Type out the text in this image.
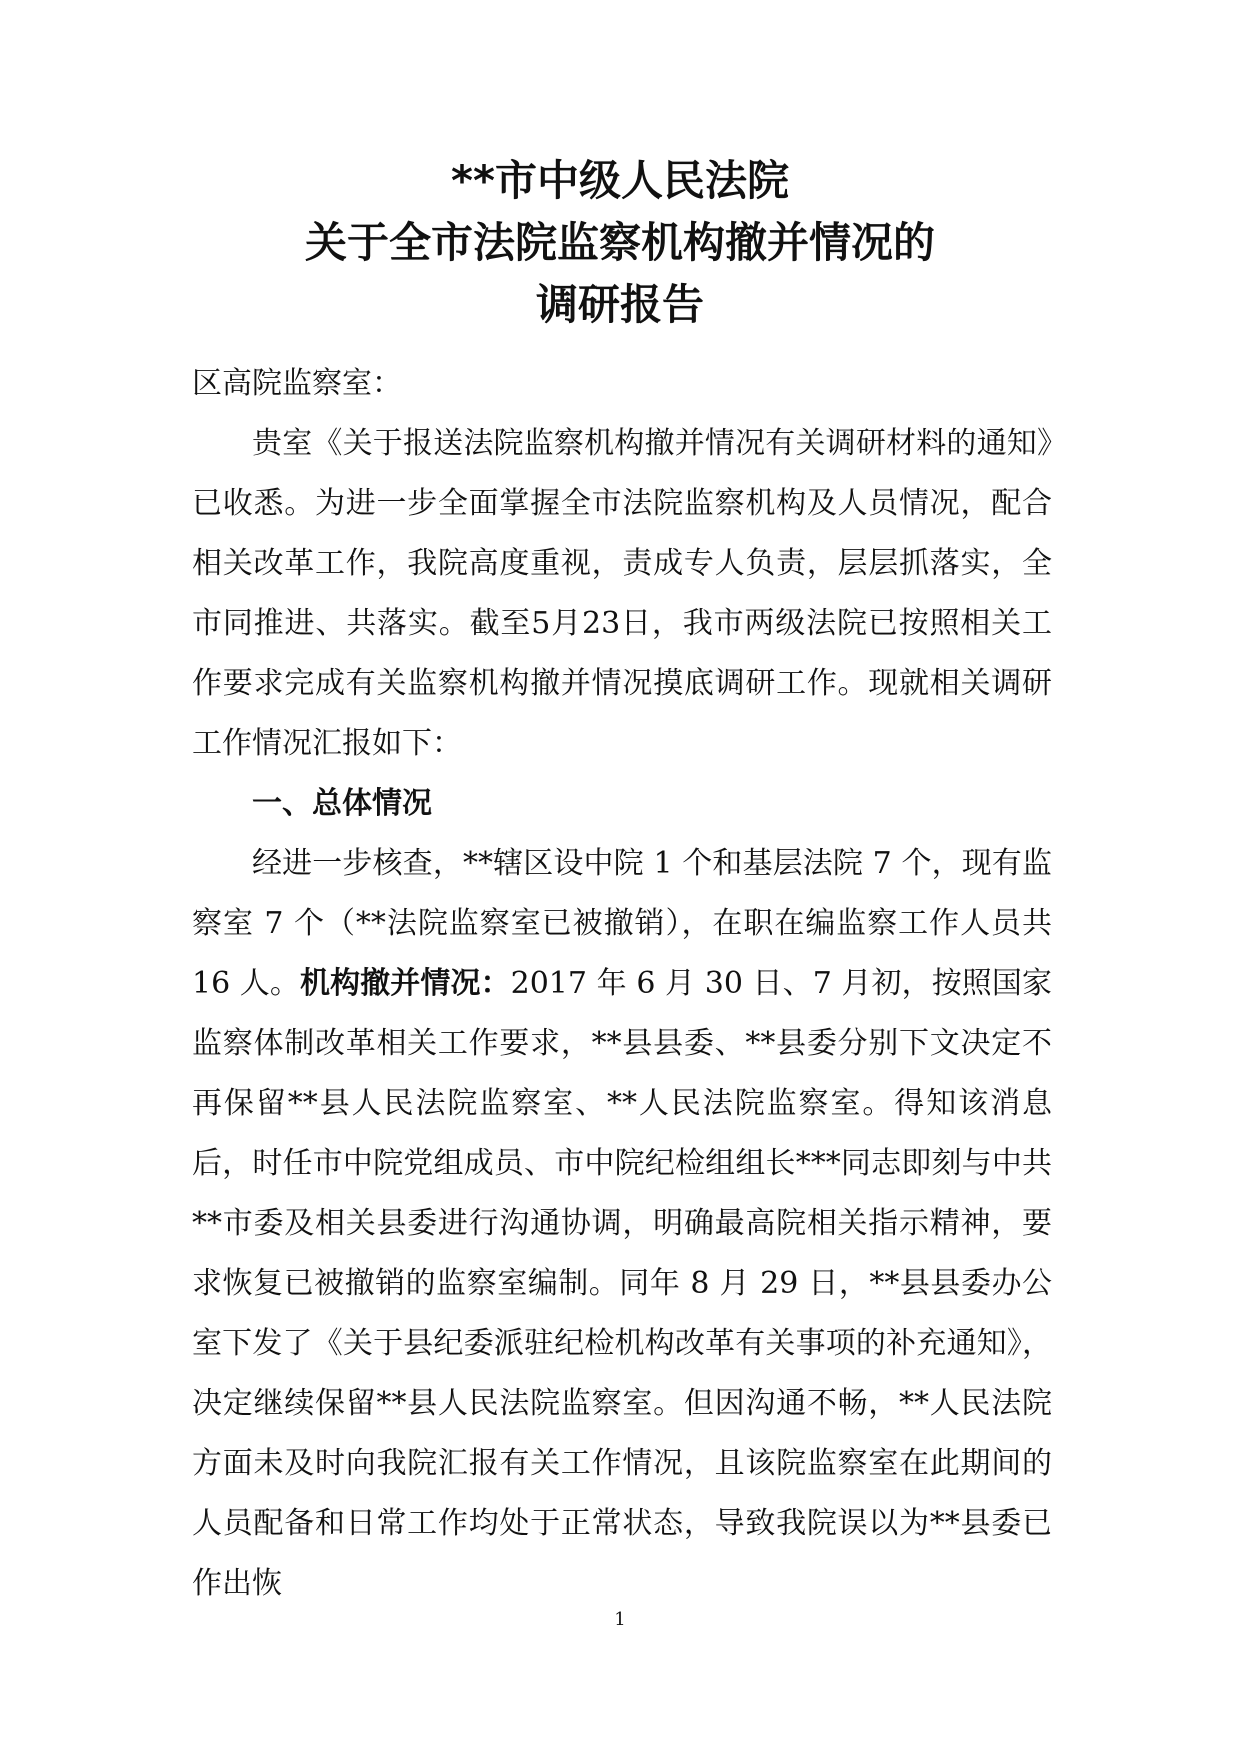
**市中级人民法院
关于全市法院监察机构撤并情况的
调研报告

区高院监察室：

贵室《关于报送法院监察机构撤并情况有关调研材料的通知》已收悉。为进一步全面掌握全市法院监察机构及人员情况，配合相关改革工作，我院高度重视，责成专人负责，层层抓落实，全市同推进、共落实。截至5月23日，我市两级法院已按照相关工作要求完成有关监察机构撤并情况摸底调研工作。现就相关调研工作情况汇报如下：

一、总体情况

经进一步核查，**辖区设中院 1 个和基层法院 7 个，现有监察室 7 个（**法院监察室已被撤销），在职在编监察工作人员共 16 人。机构撤并情况：2017 年 6 月 30 日、7 月初，按照国家监察体制改革相关工作要求，**县县委、**县委分别下文决定不再保留**县人民法院监察室、**人民法院监察室。得知该消息后，时任市中院党组成员、市中院纪检组组长***同志即刻与中共**市委及相关县委进行沟通协调，明确最高院相关指示精神，要求恢复已被撤销的监察室编制。同年 8 月 29 日，**县县委办公室下发了《关于县纪委派驻纪检机构改革有关事项的补充通知》，决定继续保留**县人民法院监察室。但因沟通不畅，**人民法院方面未及时向我院汇报有关工作情况，且该院监察室在此期间的人员配备和日常工作均处于正常状态，导致我院误以为**县委已作出恢

1
